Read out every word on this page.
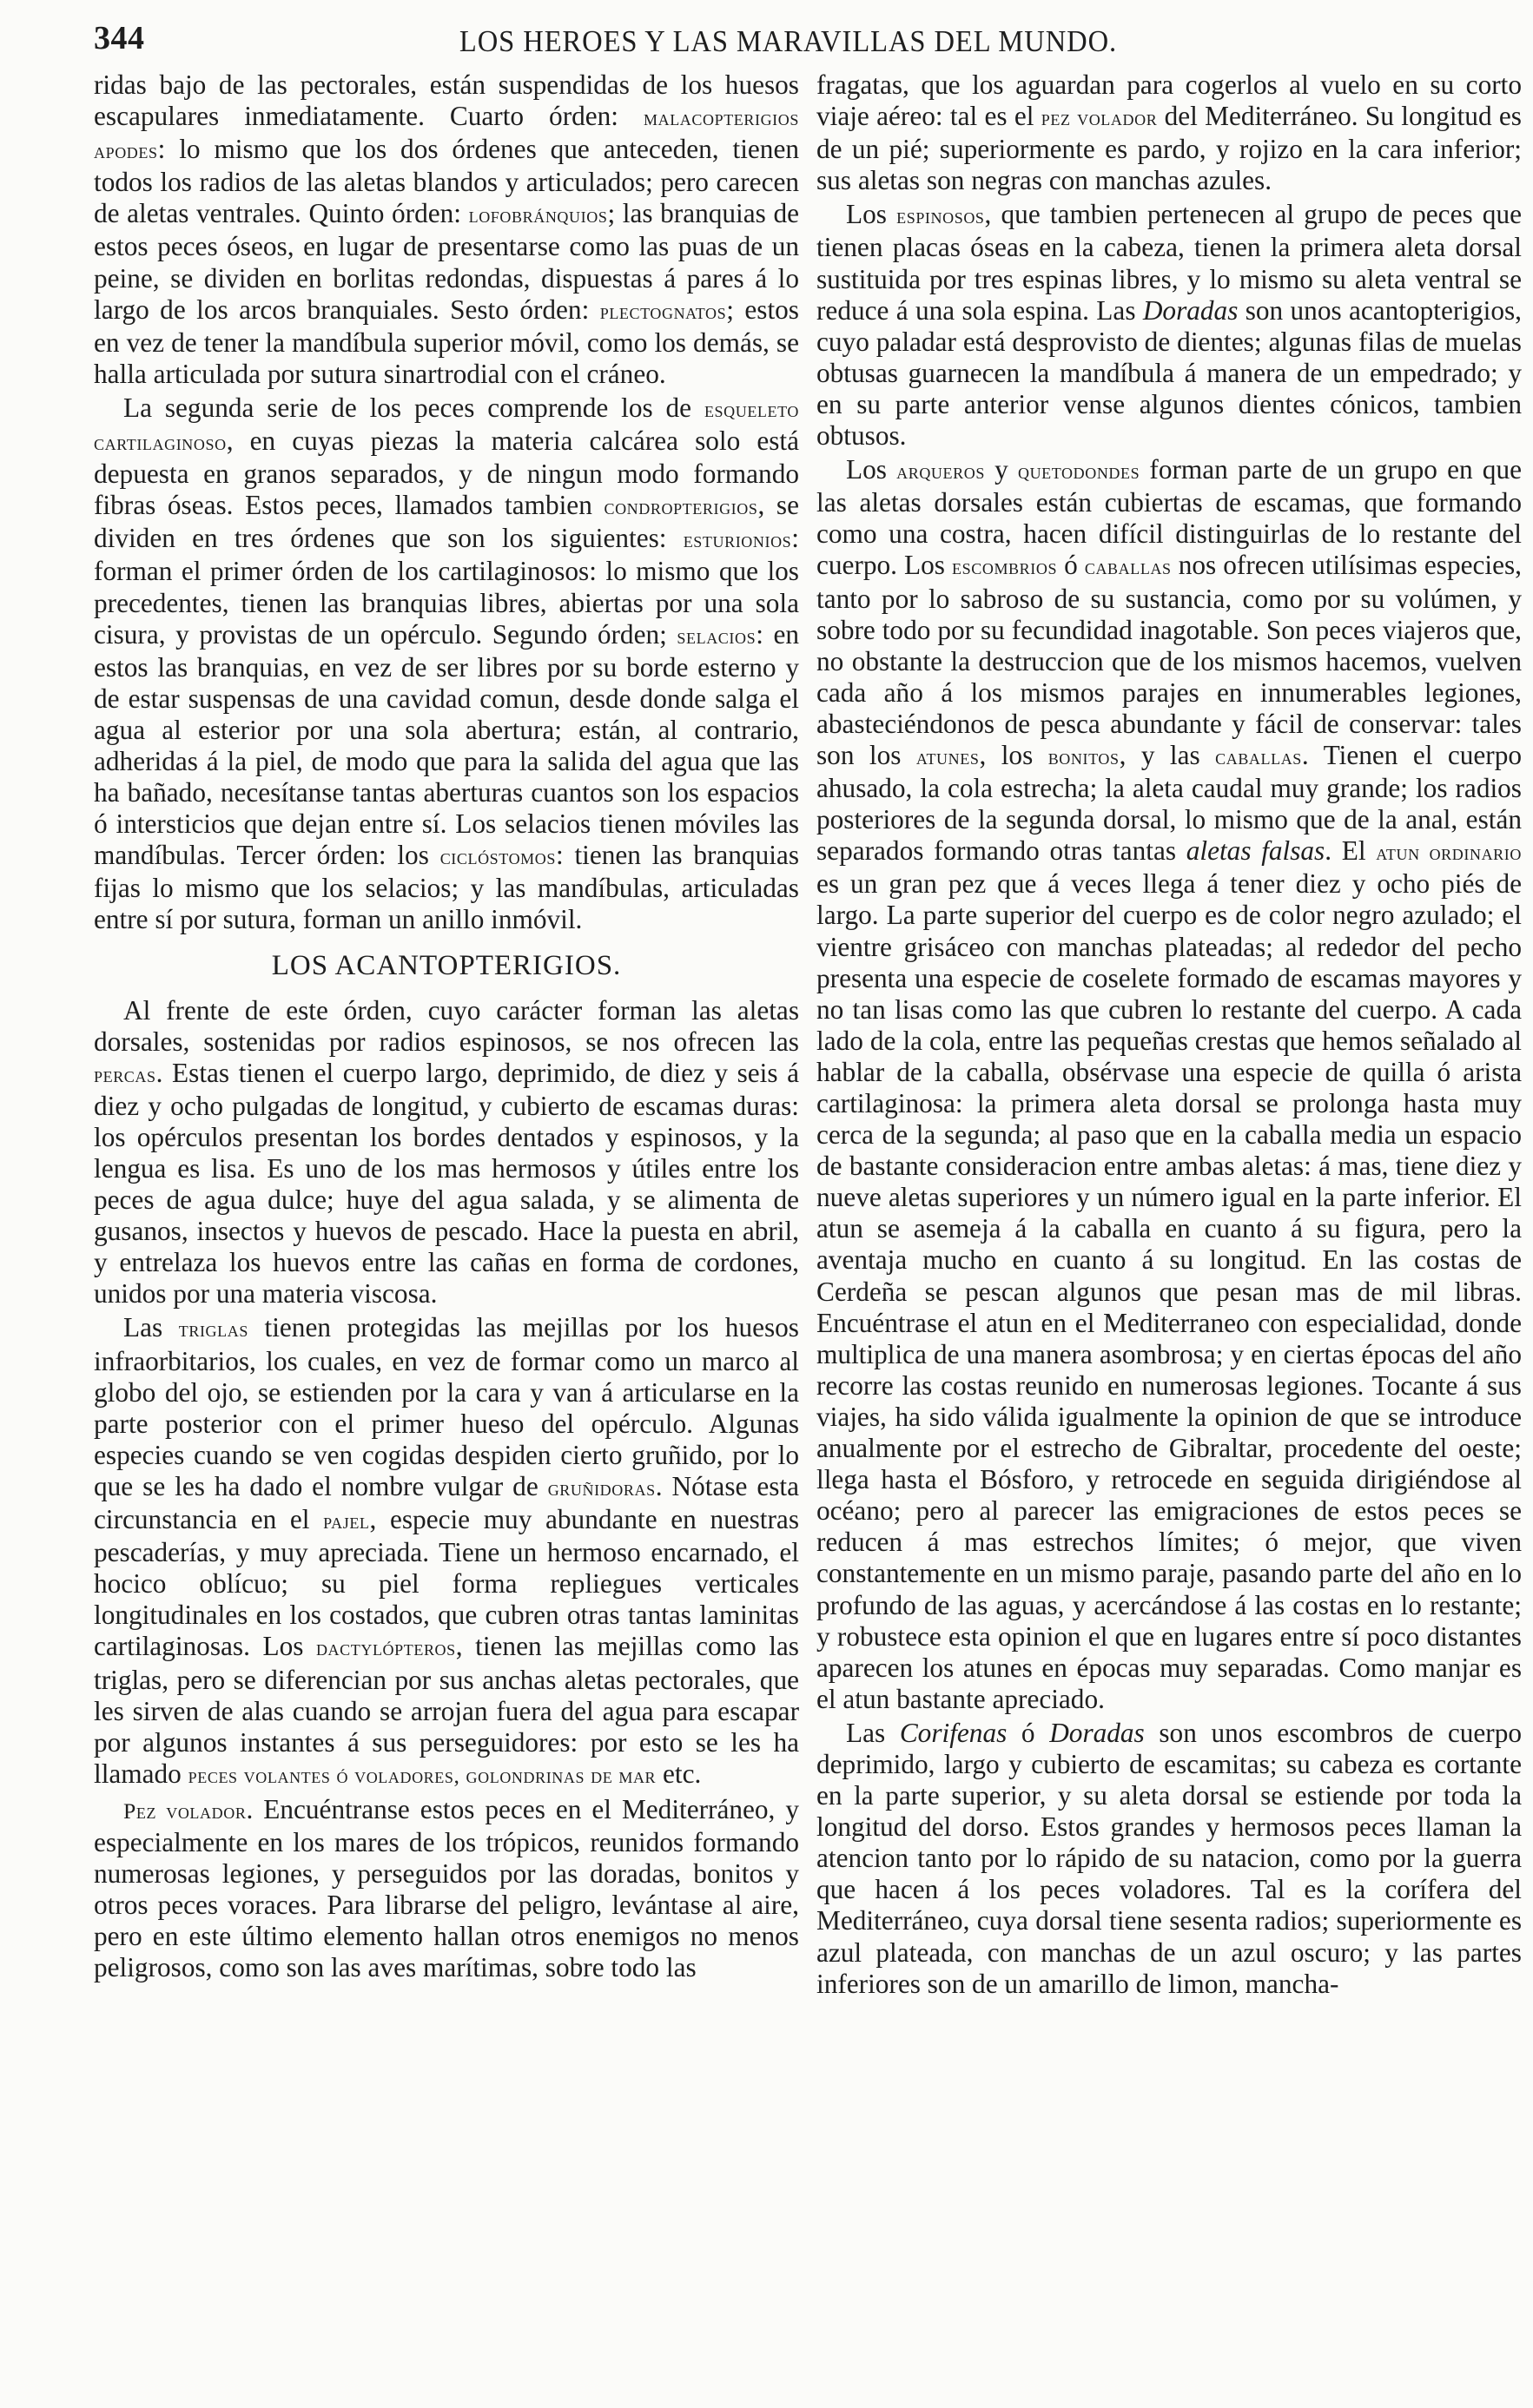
344	LOS HEROES Y LAS MARAVILLAS DEL MUNDO.

ridas bajo de las pectorales, están suspendidas de los huesos escapulares inmediatamente. Cuarto órden: malacopterigios apodes: lo mismo que los dos órdenes que anteceden, tienen todos los radios de las aletas blandos y articulados; pero carecen de aletas ventrales. Quinto órden: lofobránquios; las branquias de estos peces óseos, en lugar de presentarse como las puas de un peine, se dividen en borlitas redondas, dispuestas á pares á lo largo de los arcos branquiales. Sesto órden: plectognatos; estos en vez de tener la mandíbula superior móvil, como los demás, se halla articulada por sutura sinartrodial con el cráneo.

La segunda serie de los peces comprende los de esqueleto cartilaginoso, en cuyas piezas la materia calcárea solo está depuesta en granos separados, y de ningun modo formando fibras óseas. Estos peces, llamados tambien condropterigios, se dividen en tres órdenes que son los siguientes: esturionios: forman el primer órden de los cartilaginosos: lo mismo que los precedentes, tienen las branquias libres, abiertas por una sola cisura, y provistas de un opérculo. Segundo órden; selacios: en estos las branquias, en vez de ser libres por su borde esterno y de estar suspensas de una cavidad comun, desde donde salga el agua al esterior por una sola abertura; están, al contrario, adheridas á la piel, de modo que para la salida del agua que las ha bañado, necesítanse tantas aberturas cuantos son los espacios ó intersticios que dejan entre sí. Los selacios tienen móviles las mandíbulas. Tercer órden: los ciclóstomos: tienen las branquias fijas lo mismo que los selacios; y las mandíbulas, articuladas entre sí por sutura, forman un anillo inmóvil.

LOS ACANTOPTERIGIOS.

Al frente de este órden, cuyo carácter forman las aletas dorsales, sostenidas por radios espinosos, se nos ofrecen las percas. Estas tienen el cuerpo largo, deprimido, de diez y seis á diez y ocho pulgadas de longitud, y cubierto de escamas duras: los opérculos presentan los bordes dentados y espinosos, y la lengua es lisa. Es uno de los mas hermosos y útiles entre los peces de agua dulce; huye del agua salada, y se alimenta de gusanos, insectos y huevos de pescado. Hace la puesta en abril, y entrelaza los huevos entre las cañas en forma de cordones, unidos por una materia viscosa.

Las triglas tienen protegidas las mejillas por los huesos infraorbitarios, los cuales, en vez de formar como un marco al globo del ojo, se estienden por la cara y van á articularse en la parte posterior con el primer hueso del opérculo. Algunas especies cuando se ven cogidas despiden cierto gruñido, por lo que se les ha dado el nombre vulgar de gruñidoras. Nótase esta circunstancia en el pajel, especie muy abundante en nuestras pescaderías, y muy apreciada. Tiene un hermoso encarnado, el hocico oblícuo; su piel forma repliegues verticales longitudinales en los costados, que cubren otras tantas laminitas cartilaginosas. Los dactylópteros, tienen las mejillas como las triglas, pero se diferencian por sus anchas aletas pectorales, que les sirven de alas cuando se arrojan fuera del agua para escapar por algunos instantes á sus perseguidores: por esto se les ha llamado peces volantes ó voladores, golondrinas de mar etc.

Pez volador. Encuéntranse estos peces en el Mediterráneo, y especialmente en los mares de los trópicos, reunidos formando numerosas legiones, y perseguidos por las doradas, bonitos y otros peces voraces. Para librarse del peligro, levántase al aire, pero en este último elemento hallan otros enemigos no menos peligrosos, como son las aves marítimas, sobre todo las

fragatas, que los aguardan para cogerlos al vuelo en su corto viaje aéreo: tal es el pez volador del Mediterráneo. Su longitud es de un pié; superiormente es pardo, y rojizo en la cara inferior; sus aletas son negras con manchas azules.

Los espinosos, que tambien pertenecen al grupo de peces que tienen placas óseas en la cabeza, tienen la primera aleta dorsal sustituida por tres espinas libres, y lo mismo su aleta ventral se reduce á una sola espina. Las Doradas son unos acantopterigios, cuyo paladar está desprovisto de dientes; algunas filas de muelas obtusas guarnecen la mandíbula á manera de un empedrado; y en su parte anterior vense algunos dientes cónicos, tambien obtusos.

Los arqueros y quetodondes forman parte de un grupo en que las aletas dorsales están cubiertas de escamas, que formando como una costra, hacen difícil distinguirlas de lo restante del cuerpo. Los escombrios ó caballas nos ofrecen utilísimas especies, tanto por lo sabroso de su sustancia, como por su volúmen, y sobre todo por su fecundidad inagotable. Son peces viajeros que, no obstante la destruccion que de los mismos hacemos, vuelven cada año á los mismos parajes en innumerables legiones, abasteciéndonos de pesca abundante y fácil de conservar: tales son los atunes, los bonitos, y las caballas. Tienen el cuerpo ahusado, la cola estrecha; la aleta caudal muy grande; los radios posteriores de la segunda dorsal, lo mismo que de la anal, están separados formando otras tantas aletas falsas. El atun ordinario es un gran pez que á veces llega á tener diez y ocho piés de largo. La parte superior del cuerpo es de color negro azulado; el vientre grisáceo con manchas plateadas; al rededor del pecho presenta una especie de coselete formado de escamas mayores y no tan lisas como las que cubren lo restante del cuerpo. A cada lado de la cola, entre las pequeñas crestas que hemos señalado al hablar de la caballa, obsérvase una especie de quilla ó arista cartilaginosa: la primera aleta dorsal se prolonga hasta muy cerca de la segunda; al paso que en la caballa media un espacio de bastante consideracion entre ambas aletas: á mas, tiene diez y nueve aletas superiores y un número igual en la parte inferior. El atun se asemeja á la caballa en cuanto á su figura, pero la aventaja mucho en cuanto á su longitud. En las costas de Cerdeña se pescan algunos que pesan mas de mil libras. Encuéntrase el atun en el Mediterraneo con especialidad, donde multiplica de una manera asombrosa; y en ciertas épocas del año recorre las costas reunido en numerosas legiones. Tocante á sus viajes, ha sido válida igualmente la opinion de que se introduce anualmente por el estrecho de Gibraltar, procedente del oeste; llega hasta el Bósforo, y retrocede en seguida dirigiéndose al océano; pero al parecer las emigraciones de estos peces se reducen á mas estrechos límites; ó mejor, que viven constantemente en un mismo paraje, pasando parte del año en lo profundo de las aguas, y acercándose á las costas en lo restante; y robustece esta opinion el que en lugares entre sí poco distantes aparecen los atunes en épocas muy separadas. Como manjar es el atun bastante apreciado.

Las Corifenas ó Doradas son unos escombros de cuerpo deprimido, largo y cubierto de escamitas; su cabeza es cortante en la parte superior, y su aleta dorsal se estiende por toda la longitud del dorso. Estos grandes y hermosos peces llaman la atencion tanto por lo rápido de su natacion, como por la guerra que hacen á los peces voladores. Tal es la corífera del Mediterráneo, cuya dorsal tiene sesenta radios; superiormente es azul plateada, con manchas de un azul oscuro; y las partes inferiores son de un amarillo de limon, mancha-
